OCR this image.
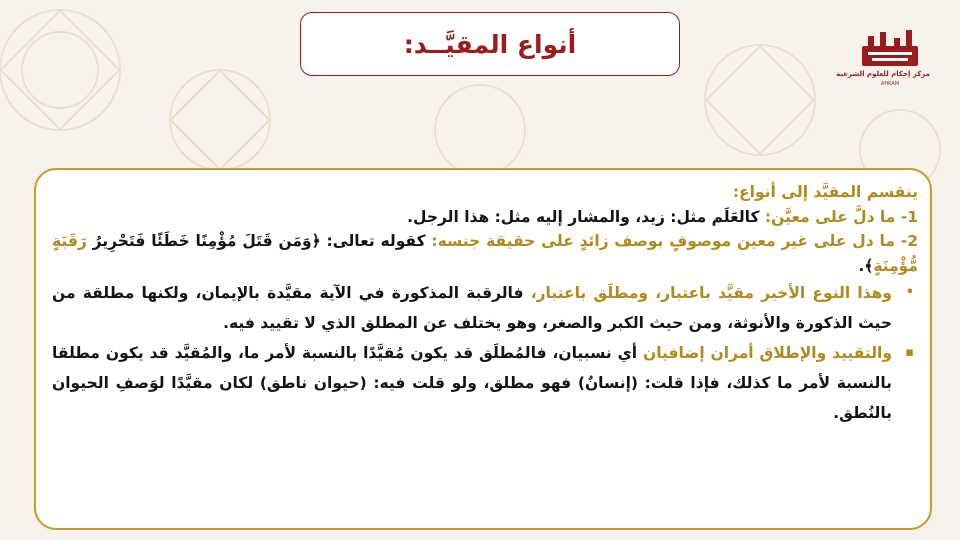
أنواع المقيَّــد:
مركز إحكام للعلوم الشرعية
AHKAM

ينقسم المقيَّد إلى أنواع:

1- ما دلَّ على معيَّن: كالعَلَم مثل: زيد، والمشار إليه مثل: هذا الرجل.

2- ما دل على غير معين موصوفٍ بوصف زائدٍ على حقيقة جنسه: كقوله تعالى: ﴿وَمَن قَتَلَ مُؤْمِنًا خَطَئًا فَتَحْرِيرُ رَقَبَةٍ مُّؤْمِنَةٍ﴾.

•
وهذا النوع الأخير مقيَّد باعتبار، ومطلَق باعتبار، فالرقبة المذكورة في الآية مقيَّدة بالإيمان، ولكنها مطلقة من حيث الذكورة والأنوثة، ومن حيث الكبر والصغر، وهو يختلف عن المطلق الذي لا تقييد فيه.

▪
والتقييد والإطلاق أمران إضافيان أي نسبيان، فالمُطلَق قد يكون مُقيَّدًا بالنسبة لأمر ما، والمُقيَّد قد يكون مطلقا بالنسبة لأمر ما كذلك، فإذا قلت: (إنسانٌ) فهو مطلق، ولو قلت فيه: (حيوان ناطق) لكان مقيَّدًا لوَصفِ الحيوان بالنُطق.
